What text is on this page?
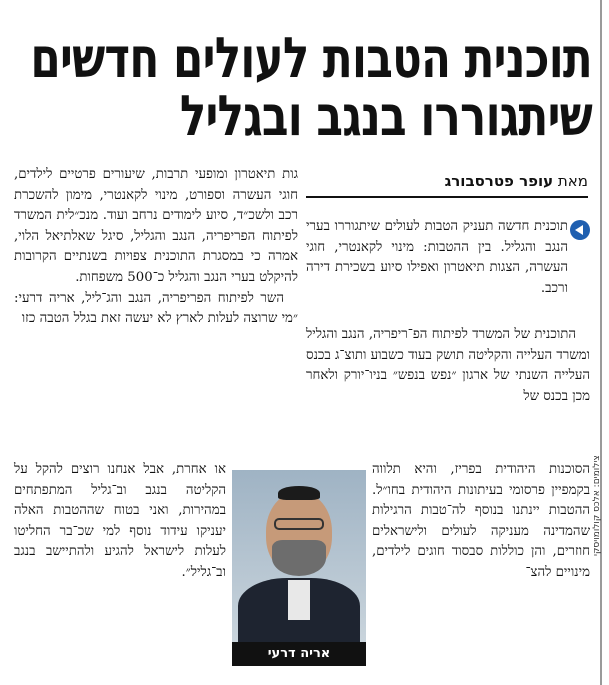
תוכנית הטבות לעולים חדשים
שיתגוררו בנגב ובגליל
מאת עופר פטרסבורג

תוכנית חדשה תעניק הטבות לעולים שיתגוררו בערי הנגב והגליל. בין ההטבות: מינוי לקאנטרי, חוגי העשרה, הצגות תיאטרון ואפילו סיוע בשכירת דירה ורכב.

התוכנית של המשרד לפיתוח הפ־ריפריה, הנגב והגליל ומשרד העלייה והקליטה תושק בעוד כשבוע ותוצ־ג בכנס העלייה השנתי של ארגון ״נפש בנפש״ בניו־יורק ולאחר מכן בכנס של

הסוכנות היהודית בפריז, והיא תלווה בקמפיין פרסומי בעיתונות היהודית בחו״ל. ההטבות יינתנו בנוסף לה־טבות הרגילות שהמדינה מעניקה לעולים ולישראלים חוזרים, והן כוללות סבסוד חוגים לילדים, מינויים להצ־

גות תיאטרון ומופעי תרבות, שיעורים פרטיים לילדים, חוגי העשרה וספורט, מינוי לקאנטרי, מימון להשכרת רכב ולשכ״ד, סיוע לימודים נרחב ועוד. מנכ״לית המשרד לפיתוח הפריפריה, הנגב והגליל, סיגל שאלתיאל הלוי, אמרה כי במסגרת התוכנית צפויות בשנתיים הקרובות להיקלט בערי הנגב והגליל כ־500 משפחות.

השר לפיתוח הפריפריה, הנגב והג־ליל, אריה דרעי: ״מי שרוצה לעלות לארץ לא יעשה זאת בגלל הטבה כזו

או אחרת, אבל אנחנו רוצים להקל על הקליטה בנגב וב־גליל המתפתחים במהירות, ואני בטוח שההטבות האלה יעניקו עידוד נוסף למי שכ־בר החליטו לעלות לישראל להגיע ולהתיישב בנגב וב־גליל״.

אריה דרעי
צילומים: אלכס קולומויסקי
